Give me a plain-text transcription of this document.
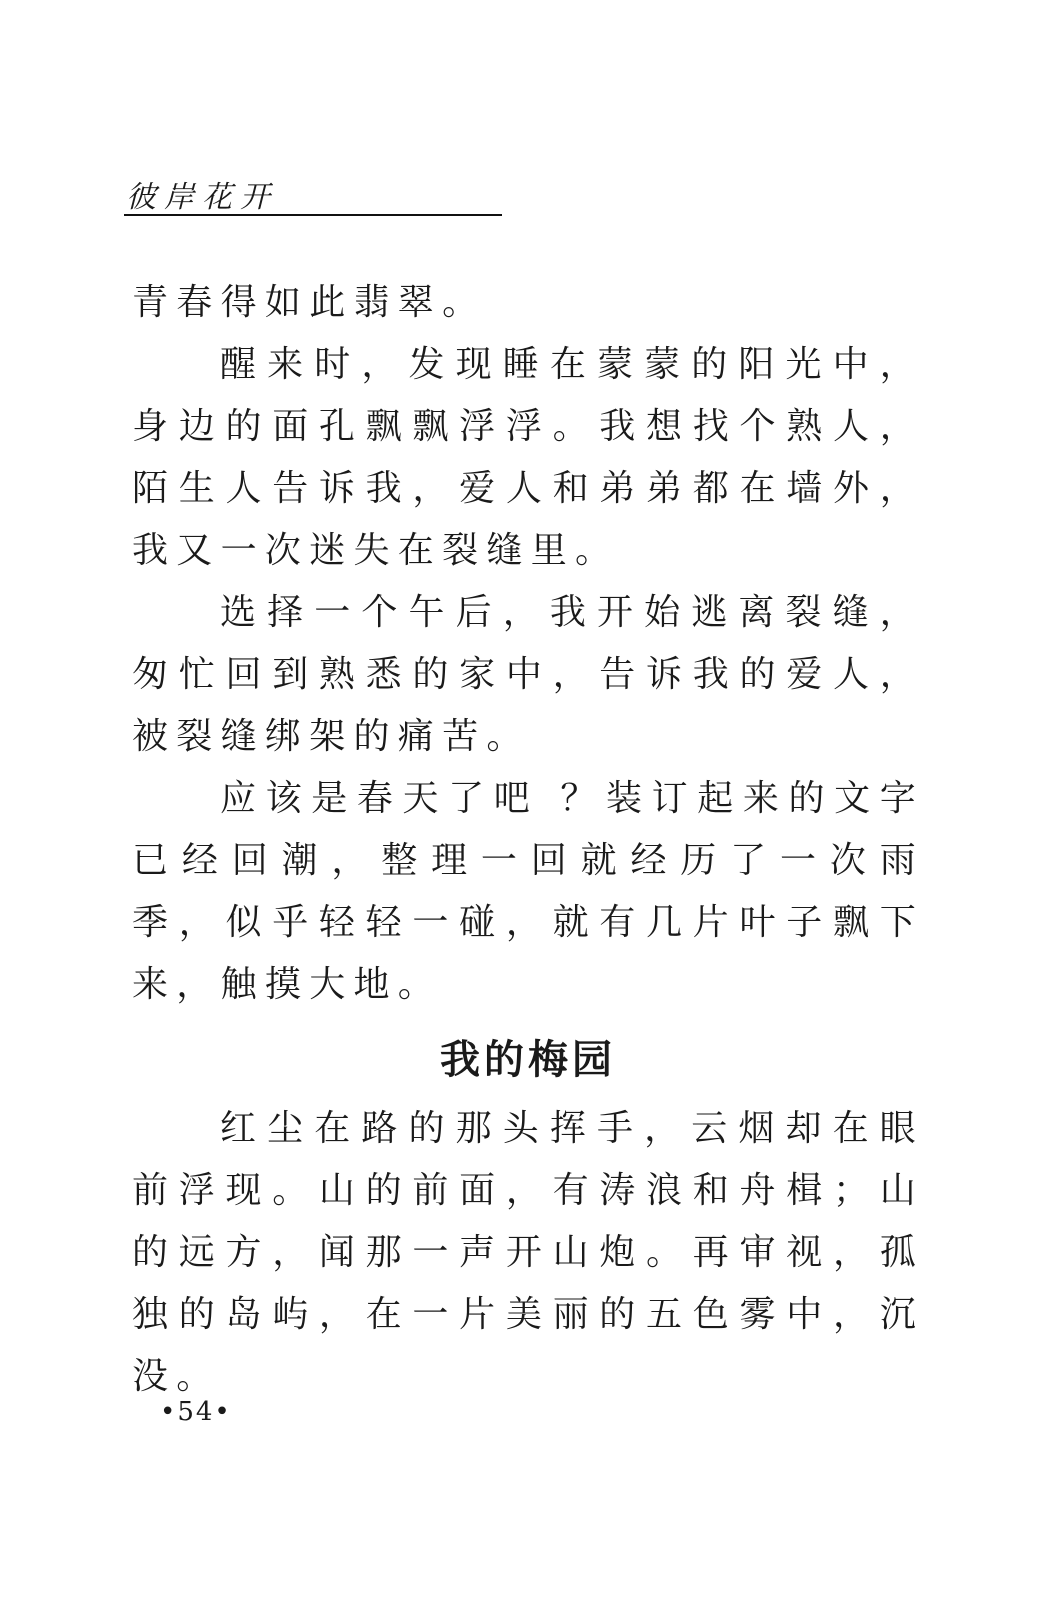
彼岸花开

青春得如此翡翠。

醒来时，发现睡在蒙蒙的阳光中，身边的面孔飘飘浮浮。我想找个熟人，陌生人告诉我，爱人和弟弟都在墙外，我又一次迷失在裂缝里。

选择一个午后，我开始逃离裂缝，匆忙回到熟悉的家中，告诉我的爱人，被裂缝绑架的痛苦。

应该是春天了吧 ？装订起来的文字已经回潮，整理一回就经历了一次雨季，似乎轻轻一碰，就有几片叶子飘下来，触摸大地。

我的梅园

红尘在路的那头挥手，云烟却在眼前浮现。山的前面，有涛浪和舟楫；山的远方，闻那一声开山炮。再审视，孤独的岛屿，在一片美丽的五色雾中，沉没。

•54•
